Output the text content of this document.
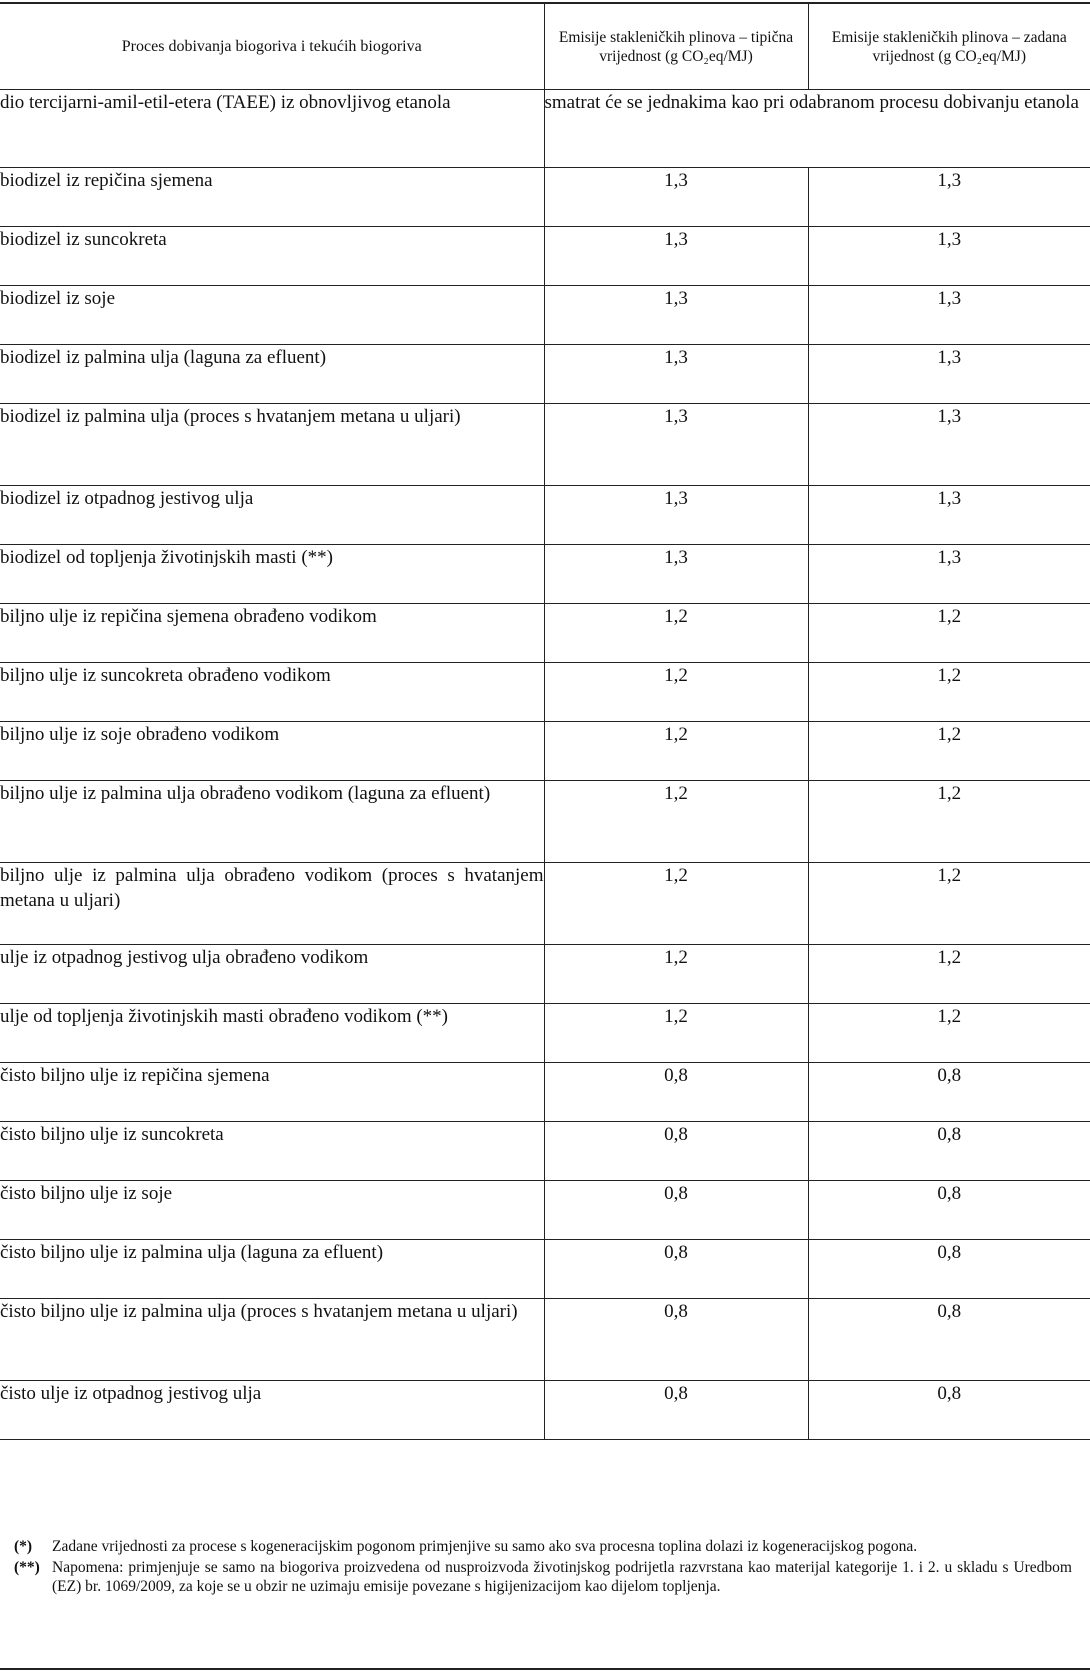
Proces dobivanja biogoriva i tekućih biogoriva	Emisije stakleničkih plinova – tipična vrijednost (g CO₂eq/MJ)	Emisije stakleničkih plinova – zadana vrijednost (g CO₂eq/MJ)
dio tercijarni-amil-etil-etera (TAEE) iz obnovljivog etanola	smatrat će se jednakima kao pri odabranom procesu dobivanju etanola	
biodizel iz repičina sjemena	1,3	1,3
biodizel iz suncokreta	1,3	1,3
biodizel iz soje	1,3	1,3
biodizel iz palmina ulja (laguna za efluent)	1,3	1,3
biodizel iz palmina ulja (proces s hvatanjem metana u uljari)	1,3	1,3
biodizel iz otpadnog jestivog ulja	1,3	1,3
biodizel od topljenja životinjskih masti (**)	1,3	1,3
biljno ulje iz repičina sjemena obrađeno vodikom	1,2	1,2
biljno ulje iz suncokreta obrađeno vodikom	1,2	1,2
biljno ulje iz soje obrađeno vodikom	1,2	1,2
biljno ulje iz palmina ulja obrađeno vodikom (laguna za efluent)	1,2	1,2
biljno ulje iz palmina ulja obrađeno vodikom (proces s hvatanjem metana u uljari)	1,2	1,2
ulje iz otpadnog jestivog ulja obrađeno vodikom	1,2	1,2
ulje od topljenja životinjskih masti obrađeno vodikom (**)	1,2	1,2
čisto biljno ulje iz repičina sjemena	0,8	0,8
čisto biljno ulje iz suncokreta	0,8	0,8
čisto biljno ulje iz soje	0,8	0,8
čisto biljno ulje iz palmina ulja (laguna za efluent)	0,8	0,8
čisto biljno ulje iz palmina ulja (proces s hvatanjem metana u uljari)	0,8	0,8
čisto ulje iz otpadnog jestivog ulja	0,8	0,8
(*)	Zadane vrijednosti za procese s kogeneracijskim pogonom primjenjive su samo ako sva procesna toplina dolazi iz kogeneracijskog pogona.
(**) Napomena: primjenjuje se samo na biogoriva proizvedena od nusproizvoda životinjskog podrijetla razvrstana kao materijal kategorije 1. i 2. u skladu s Uredbom (EZ) br. 1069/2009, za koje se u obzir ne uzimaju emisije povezane s higijenizacijom kao dijelom topljenja.
